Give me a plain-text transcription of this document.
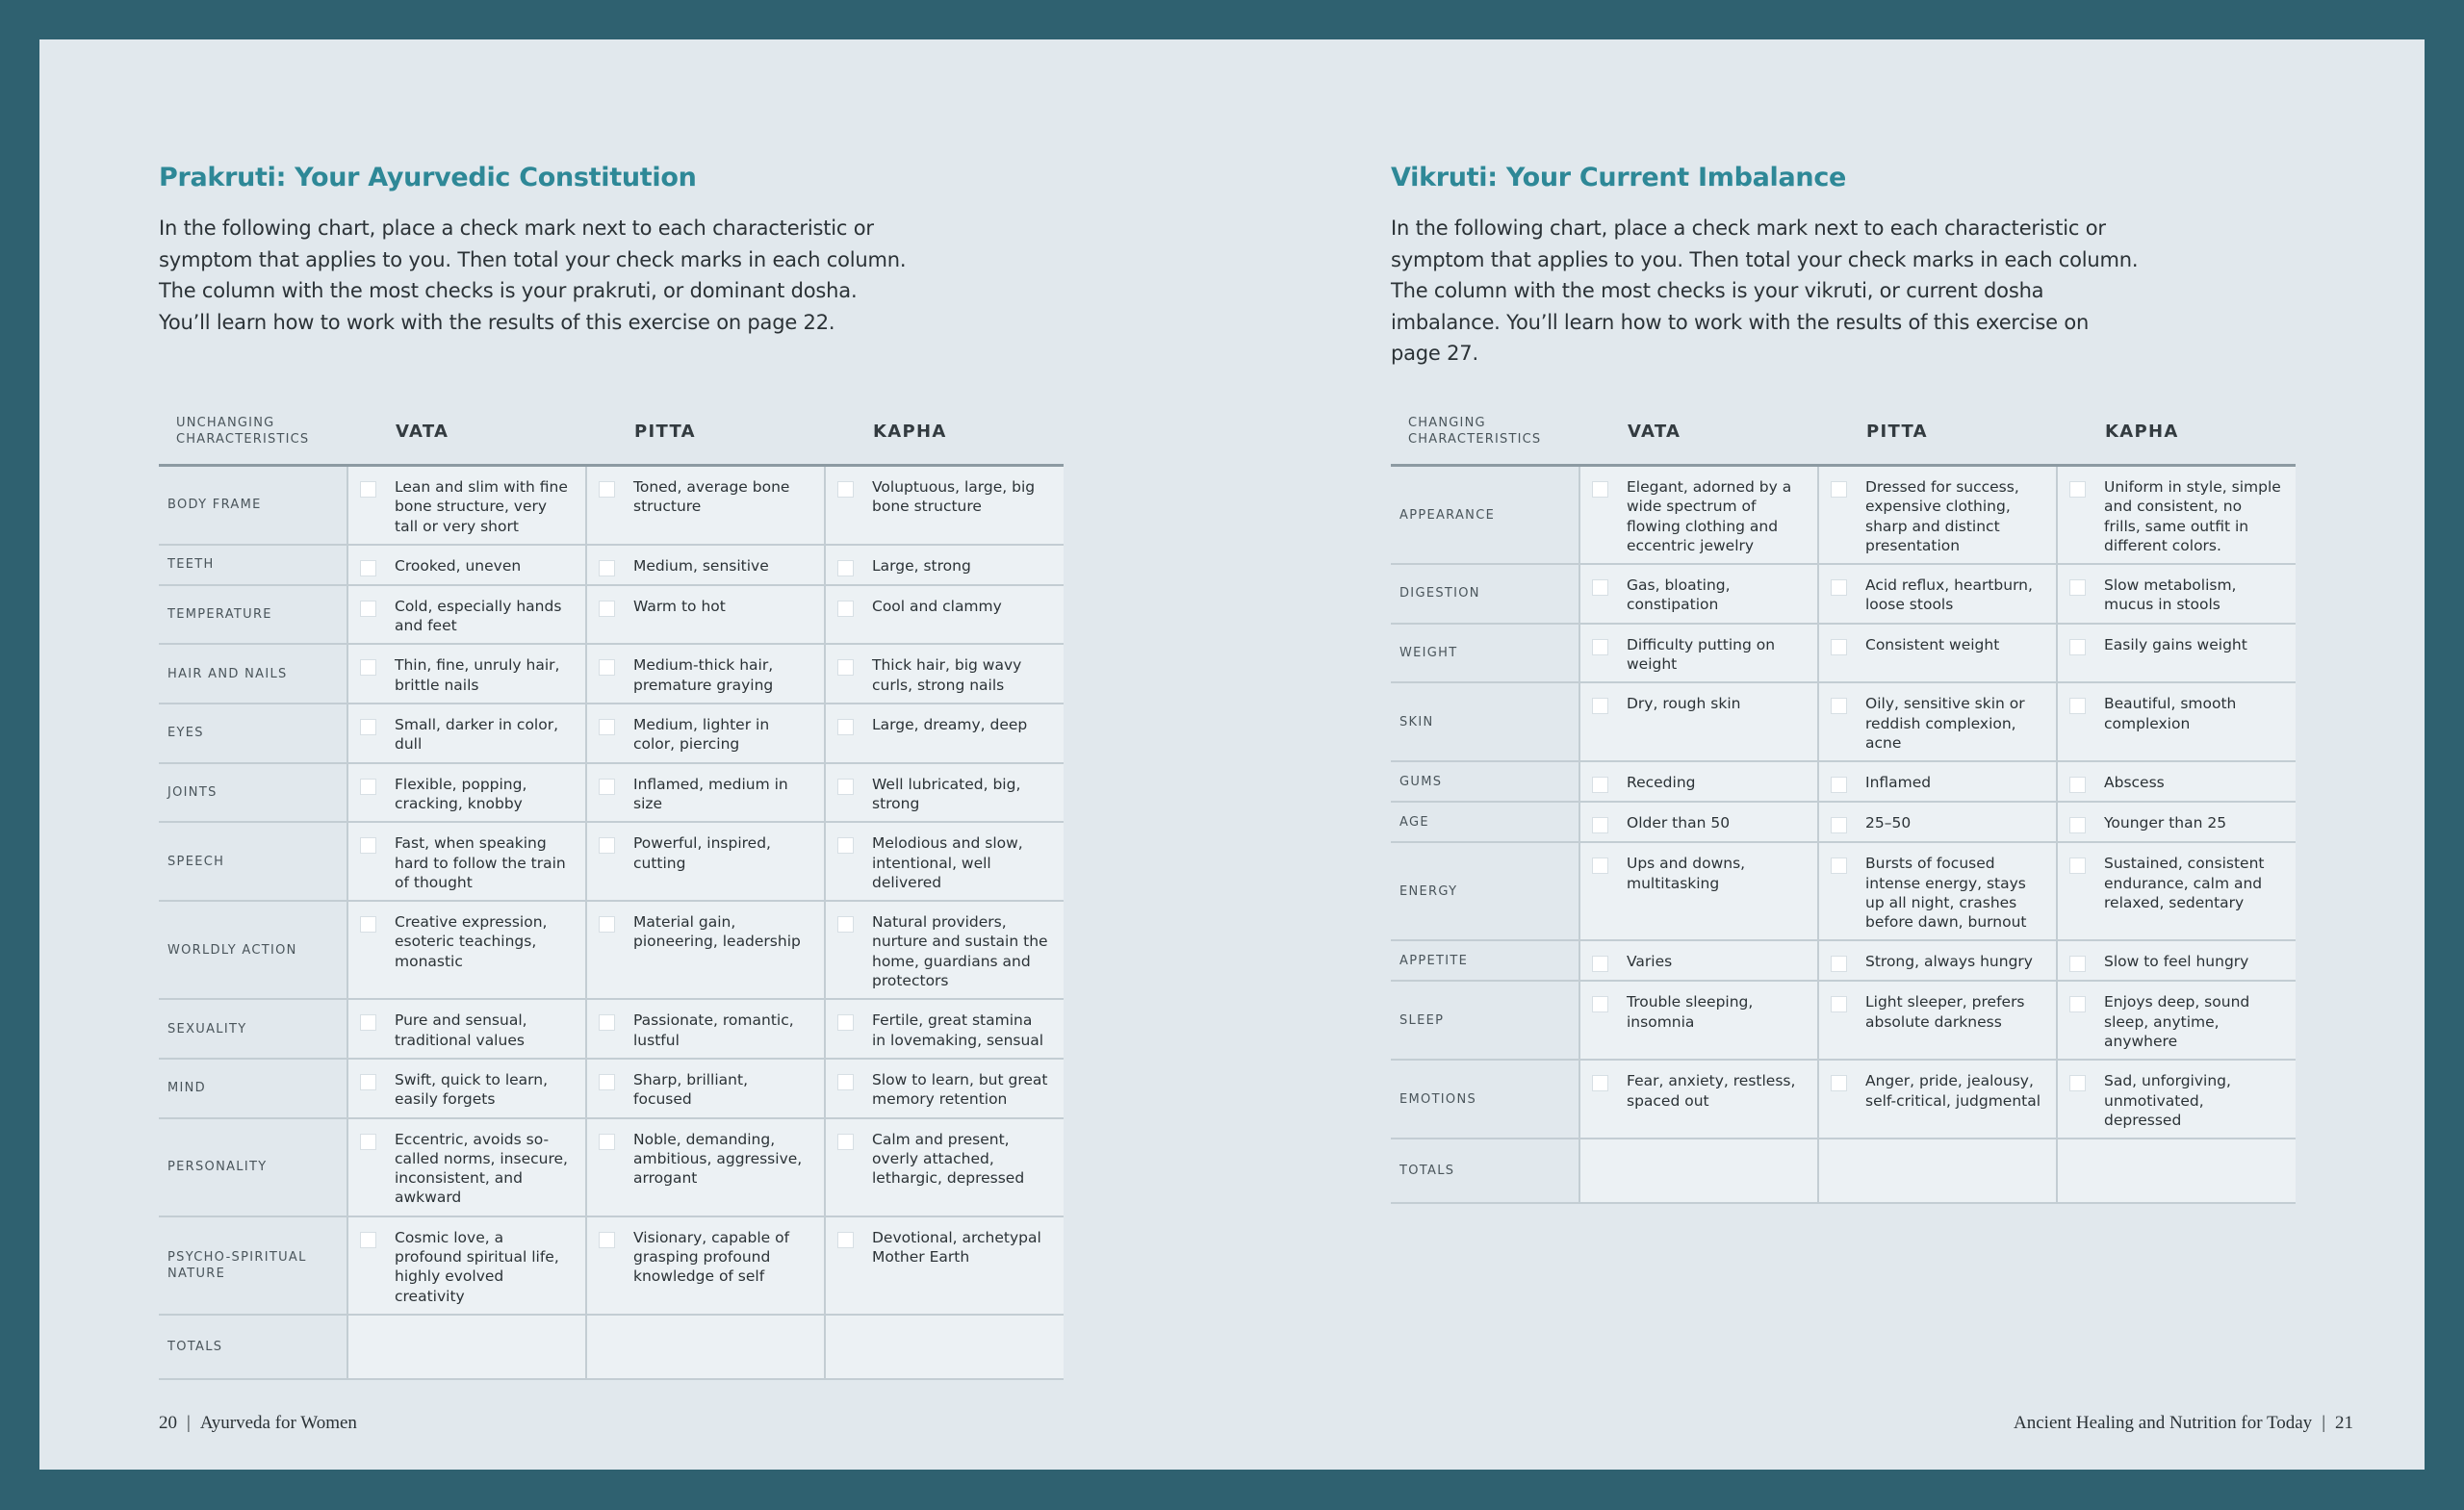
Prakruti: Your Ayurvedic Constitution

In the following chart, place a check mark next to each characteristic or symptom that applies to you. Then total your check marks in each column. The column with the most checks is your prakruti, or dominant dosha. You’ll learn how to work with the results of this exercise on page 22.

UNCHANGING CHARACTERISTICS	VATA	PITTA	KAPHA
BODY FRAME	Lean and slim with fine bone structure, very tall or very short	Toned, average bone structure	Voluptuous, large, big bone structure

TEETH	Crooked, uneven	Medium, sensitive	Large, strong

TEMPERATURE	Cold, especially hands and feet	Warm to hot	Cool and clammy

HAIR AND NAILS	Thin, fine, unruly hair, brittle nails	Medium-thick hair, premature graying	Thick hair, big wavy curls, strong nails

EYES	Small, darker in color, dull	Medium, lighter in color, piercing	Large, dreamy, deep

JOINTS	Flexible, popping, cracking, knobby	Inflamed, medium in size	Well lubricated, big, strong

SPEECH	Fast, when speaking hard to follow the train of thought	Powerful, inspired, cutting	Melodious and slow, intentional, well delivered

WORLDLY ACTION	Creative expression, esoteric teachings, monastic	Material gain, pioneering, leadership	Natural providers, nurture and sustain the home, guardians and protectors

SEXUALITY	Pure and sensual, traditional values	Passionate, romantic, lustful	Fertile, great stamina in lovemaking, sensual

MIND	Swift, quick to learn, easily forgets	Sharp, brilliant, focused	Slow to learn, but great memory retention

PERSONALITY	Eccentric, avoids so-called norms, insecure, inconsistent, and awkward	Noble, demanding, ambitious, aggressive, arrogant	Calm and present, overly attached, lethargic, depressed

PSYCHO-SPIRITUAL NATURE	Cosmic love, a profound spiritual life, highly evolved creativity	Visionary, capable of grasping profound knowledge of self	Devotional, archetypal Mother Earth

TOTALS			
20 | Ayurveda for Women
Vikruti: Your Current Imbalance

In the following chart, place a check mark next to each characteristic or symptom that applies to you. Then total your check marks in each column. The column with the most checks is your vikruti, or current dosha imbalance. You’ll learn how to work with the results of this exercise on page 27.

CHANGING CHARACTERISTICS	VATA	PITTA	KAPHA
APPEARANCE	Elegant, adorned by a wide spectrum of flowing clothing and eccentric jewelry	Dressed for success, expensive clothing, sharp and distinct presentation	Uniform in style, simple and consistent, no frills, same outfit in different colors.

DIGESTION	Gas, bloating, constipation	Acid reflux, heartburn, loose stools	Slow metabolism, mucus in stools

WEIGHT	Difficulty putting on weight	Consistent weight	Easily gains weight

SKIN	Dry, rough skin	Oily, sensitive skin or reddish complexion, acne	Beautiful, smooth complexion

GUMS	Receding	Inflamed	Abscess

AGE	Older than 50	25–50	Younger than 25

ENERGY	Ups and downs, multitasking	Bursts of focused intense energy, stays up all night, crashes before dawn, burnout	Sustained, consistent endurance, calm and relaxed, sedentary

APPETITE	Varies	Strong, always hungry	Slow to feel hungry

SLEEP	Trouble sleeping, insomnia	Light sleeper, prefers absolute darkness	Enjoys deep, sound sleep, anytime, anywhere

EMOTIONS	Fear, anxiety, restless, spaced out	Anger, pride, jealousy, self-critical, judgmental	Sad, unforgiving, unmotivated, depressed

TOTALS			
Ancient Healing and Nutrition for Today | 21
